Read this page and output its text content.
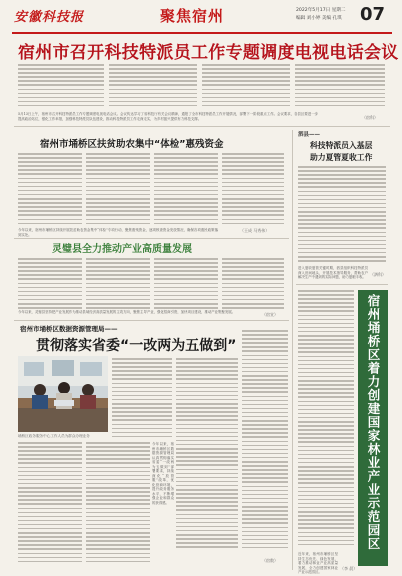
安徽科技报	聚焦宿州	2022年5月17日 星期二
编辑 刘小婷 美编 孔琪 07
宿州市召开科技特派员工作专题调度电视电话会议
5月13日上午，宿州市召开科技特派员工作专题调度电视电话会议。会议传达学习了省科技厅有关会议精神，通报了全市科技特派员工作开展情况，部署下一阶段重点工作。会议要求，各县区要进一步提高政治站位，强化工作举措，加强科技特派员队伍建设，推动科技特派员工作走深走实，为乡村振兴提供有力科技支撑。	（宿科）
宿州市埇桥区扶贫助农集中“体检”惠残资金
今年以来，宿州市埇桥区持续开展扶贫助农资金集中“体检”专项行动，聚焦惠残资金，逐项核查资金发放情况，确保各项惠民政策落到实处。
（王成 马秀伟）
灵璧县全力推动产业高质量发展
今年以来，灵璧县坚持把产业发展作为推动县域经济高质量发展的主攻方向，聚焦主导产业，强化招商引资，加快项目建设，推动产业集聚发展。	（宿宣）
宿州市埇桥区数据资源管理局——
贯彻落实省委“一改两为五做到”
埇桥区政务服务中心工作人员为群众办理业务
今年以来，宿州市埇桥区数据资源管理局认真贯彻落实省委“一改两为五做到”部署要求，持续深化“放管服”改革，优化营商环境，提升政务服务水平，不断增强企业和群众的获得感。
（宿数）
泗县——
科技特派员入基层
助力夏管夏收工作
进入夏收夏管关键时期，泗县组织科技特派员深入田间地头，开展技术指导服务，帮助农户解决生产中遇到的实际问题，助力夏粮丰收。	（泗科）
宿州埇桥区着力创建国家林业产业示范园区
近年来，宿州市埇桥区坚持生态优先、绿色发展，着力推动林业产业高质量发展，全力创建国家林业产业示范园区。
（李 晨）
